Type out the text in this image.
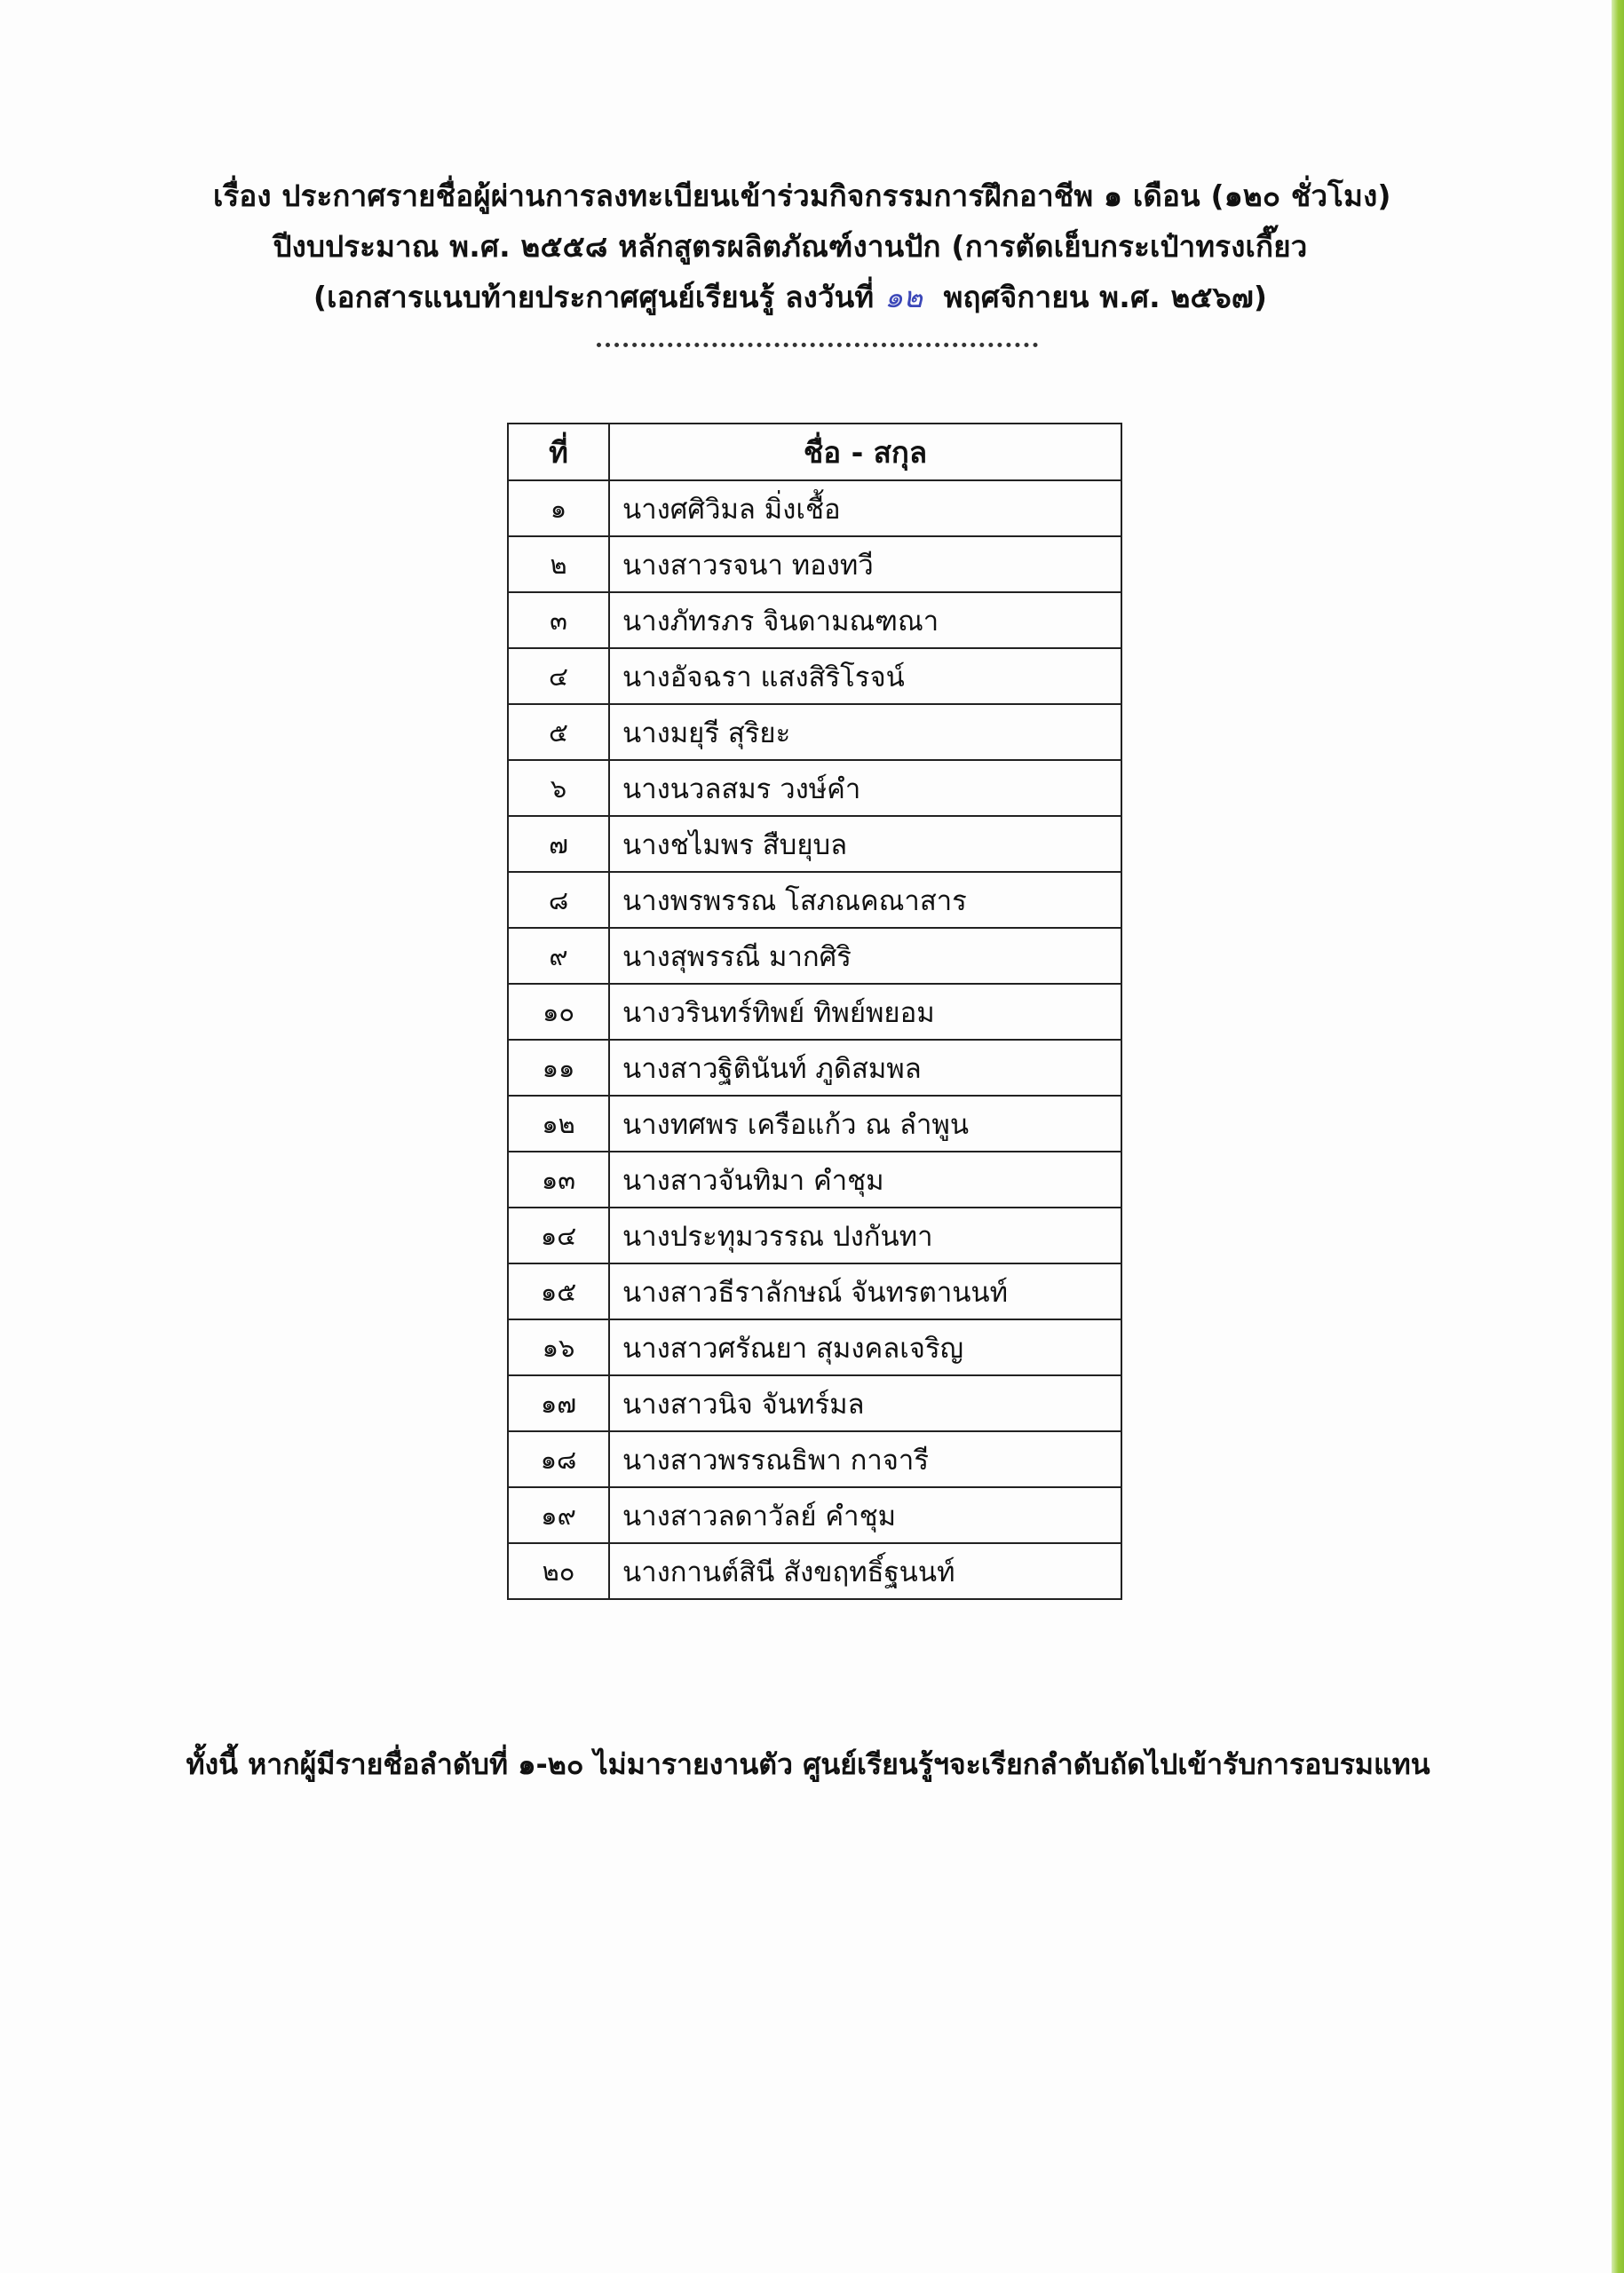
เรื่อง ประกาศรายชื่อผู้ผ่านการลงทะเบียนเข้าร่วมกิจกรรมการฝึกอาชีพ ๑ เดือน (๑๒๐ ชั่วโมง)
ปีงบประมาณ พ.ศ. ๒๕๕๘ หลักสูตรผลิตภัณฑ์งานปัก (การตัดเย็บกระเป๋าทรงเกี๊ยว
(เอกสารแนบท้ายประกาศศูนย์เรียนรู้ ลงวันที่ ๑๒ พฤศจิกายน พ.ศ. ๒๕๖๗)
ที่	ชื่อ - สกุล
๑	นางศศิวิมล มิ่งเชื้อ
๒	นางสาวรจนา ทองทวี
๓	นางภัทรภร จินดามณฑณา
๔	นางอัจฉรา แสงสิริโรจน์
๕	นางมยุรี สุริยะ
๖	นางนวลสมร วงษ์คำ
๗	นางชไมพร สืบยุบล
๘	นางพรพรรณ โสภณคณาสาร
๙	นางสุพรรณี มากศิริ
๑๐	นางวรินทร์ทิพย์ ทิพย์พยอม
๑๑	นางสาวฐิตินันท์ ภูดิสมพล
๑๒	นางทศพร เครือแก้ว ณ ลำพูน
๑๓	นางสาวจันทิมา คำชุม
๑๔	นางประทุมวรรณ ปงกันทา
๑๕	นางสาวธีราลักษณ์ จันทรตานนท์
๑๖	นางสาวศรัณยา สุมงคลเจริญ
๑๗	นางสาวนิจ จันทร์มล
๑๘	นางสาวพรรณธิพา กาจารี
๑๙	นางสาวลดาวัลย์ คำชุม
๒๐	นางกานต์สินี สังขฤทธิ์ฐนนท์
ทั้งนี้ หากผู้มีรายชื่อลำดับที่ ๑-๒๐ ไม่มารายงานตัว ศูนย์เรียนรู้ฯจะเรียกลำดับถัดไปเข้ารับการอบรมแทน
